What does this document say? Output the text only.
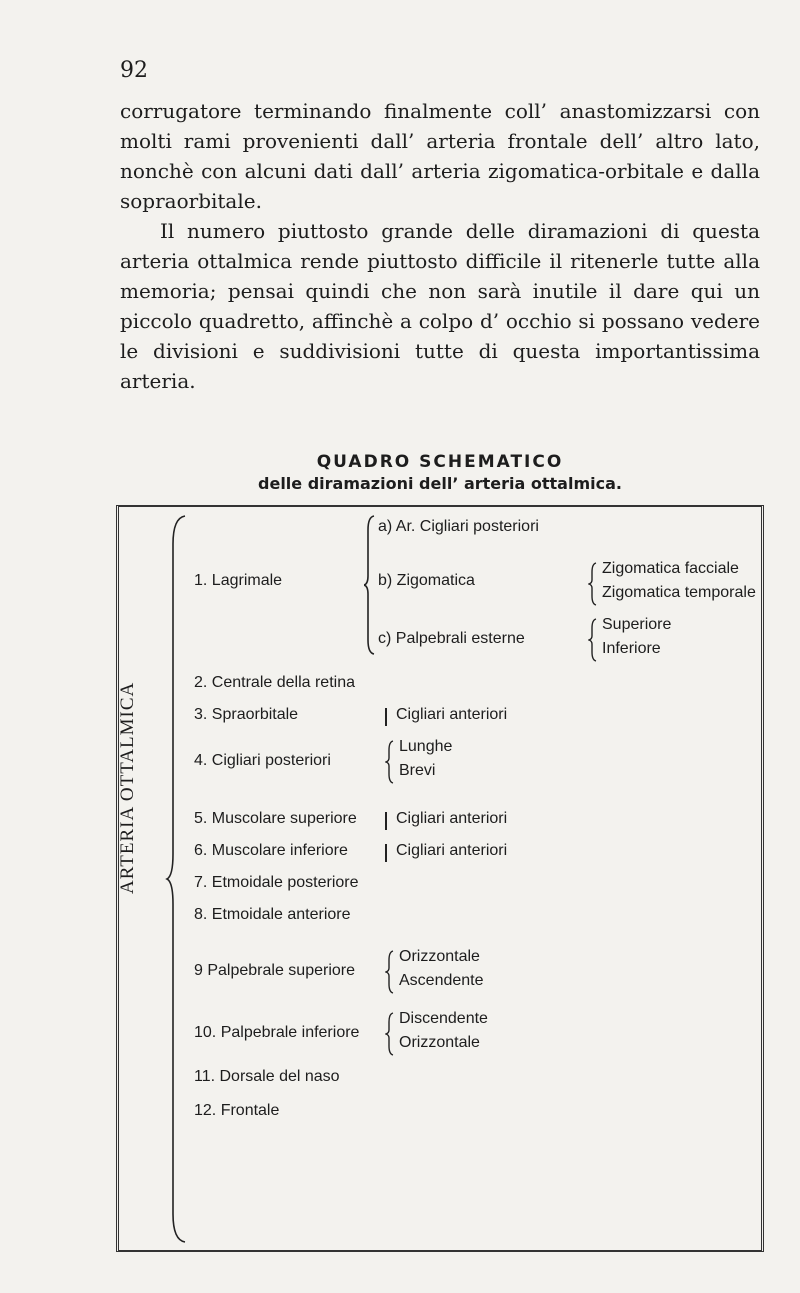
92

corrugatore terminando finalmente coll’ anastomizzarsi con molti rami provenienti dall’ arteria frontale dell’ altro lato, nonchè con alcuni dati dall’ arteria zigomatica-orbitale e dalla sopraorbitale.

Il numero piuttosto grande delle diramazioni di questa arteria ottalmica rende piuttosto difficile il ritenerle tutte alla memoria; pensai quindi che non sarà inutile il dare qui un piccolo quadretto, affinchè a colpo d’ occhio si possano vedere le divisioni e suddivisioni tutte di questa importantissima arteria.

QUADRO SCHEMATICO
delle diramazioni dell’ arteria ottalmica.
ARTERIA OTTALMICA
1. Lagrimale
a) Ar. Cigliari posteriori
b) Zigomatica
Zigomatica facciale
Zigomatica temporale
c) Palpebrali esterne
Superiore
Inferiore
2. Centrale della retina
3. Spraorbitale	Cigliari anteriori
4. Cigliari posteriori
Lunghe
Brevi
5. Muscolare superiore Cigliari anteriori
6. Muscolare inferiore	Cigliari anteriori
7. Etmoidale posteriore
8. Etmoidale anteriore
9 Palpebrale superiore
Orizzontale
Ascendente
10. Palpebrale inferiore
Discendente
Orizzontale
11. Dorsale del naso
12. Frontale
